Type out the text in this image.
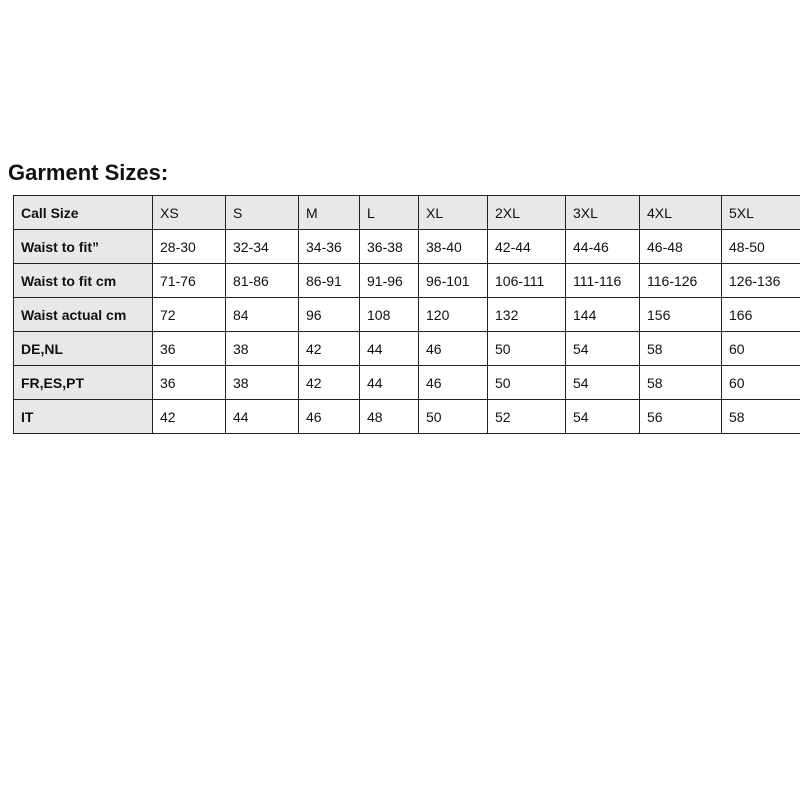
Garment Sizes:
Call Size	XS	S	M	L	XL	2XL	3XL	4XL	5XL
Waist to fit”	28-30	32-34	34-36	36-38	38-40	42-44	44-46	46-48	48-50
Waist to fit cm	71-76	81-86	86-91	91-96	96-101	106-111	111-116	116-126	126-136
Waist actual cm	72	84	96	108	120	132	144	156	166
DE,NL	36	38	42	44	46	50	54	58	60
FR,ES,PT	36	38	42	44	46	50	54	58	60
IT	42	44	46	48	50	52	54	56	58
